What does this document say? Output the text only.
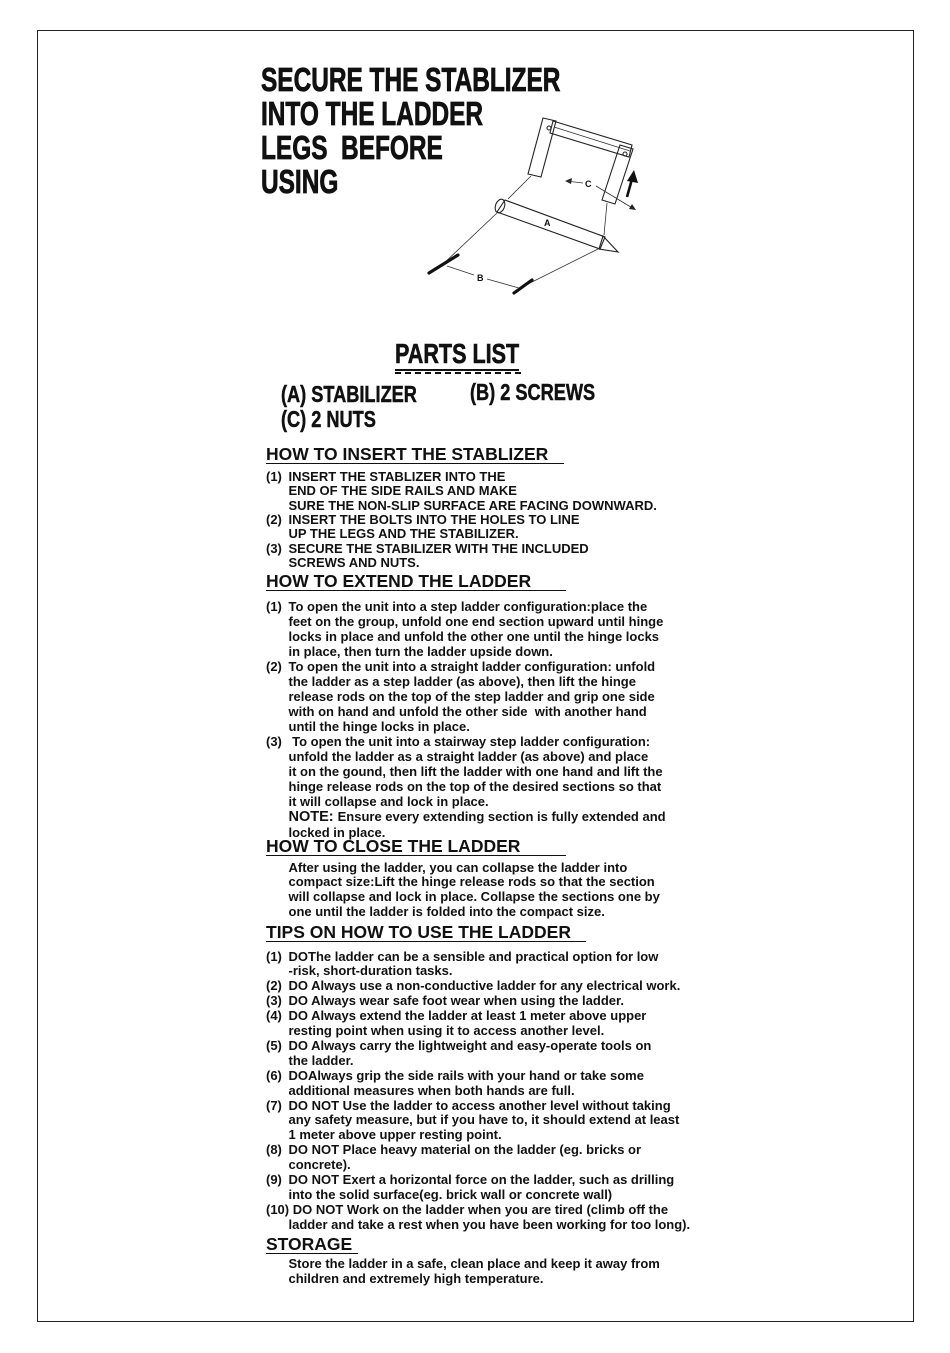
SECURE THE STABLIZER
INTO THE LADDER
LEGS  BEFORE
USING	C
A
B
PARTS LIST
(A) STABILIZER (B) 2 SCREWS
(C) 2 NUTS
HOW TO INSERT THE STABLIZER
(1) INSERT THE STABLIZER INTO THE
END OF THE SIDE RAILS AND MAKE
SURE THE NON-SLIP SURFACE ARE FACING DOWNWARD.
(2) INSERT THE BOLTS INTO THE HOLES TO LINE
UP THE LEGS AND THE STABILIZER.
(3) SECURE THE STABILIZER WITH THE INCLUDED
SCREWS AND NUTS.
HOW TO EXTEND THE LADDER
(1) To open the unit into a step ladder configuration:place the
feet on the group, unfold one end section upward until hinge
locks in place and unfold the other one until the hinge locks
in place, then turn the ladder upside down.
(2) To open the unit into a straight ladder configuration: unfold
the ladder as a step ladder (as above), then lift the hinge
release rods on the top of the step ladder and grip one side
with on hand and unfold the other side  with another hand
until the hinge locks in place.
(3) To open the unit into a stairway step ladder configuration:
unfold the ladder as a straight ladder (as above) and place
it on the gound, then lift the ladder with one hand and lift the
hinge release rods on the top of the desired sections so that
it will collapse and lock in place.
NOTE: Ensure every extending section is fully extended and
locked in place.
HOW TO CLOSE THE LADDER
After using the ladder, you can collapse the ladder into
compact size:Lift the hinge release rods so that the section
will collapse and lock in place. Collapse the sections one by
one until the ladder is folded into the compact size.
TIPS ON HOW TO USE THE LADDER
(1) DOThe ladder can be a sensible and practical option for low
-risk, short-duration tasks.
(2) DO Always use a non-conductive ladder for any electrical work.
(3) DO Always wear safe foot wear when using the ladder.
(4) DO Always extend the ladder at least 1 meter above upper
resting point when using it to access another level.
(5) DO Always carry the lightweight and easy-operate tools on
the ladder.
(6) DOAlways grip the side rails with your hand or take some
additional measures when both hands are full.
(7) DO NOT Use the ladder to access another level without taking
any safety measure, but if you have to, it should extend at least
1 meter above upper resting point.
(8) DO NOT Place heavy material on the ladder (eg. bricks or
concrete).
(9) DO NOT Exert a horizontal force on the ladder, such as drilling
into the solid surface(eg. brick wall or concrete wall)
(10) DO NOT Work on the ladder when you are tired (climb off the
ladder and take a rest when you have been working for too long).
STORAGE
Store the ladder in a safe, clean place and keep it away from
children and extremely high temperature.
